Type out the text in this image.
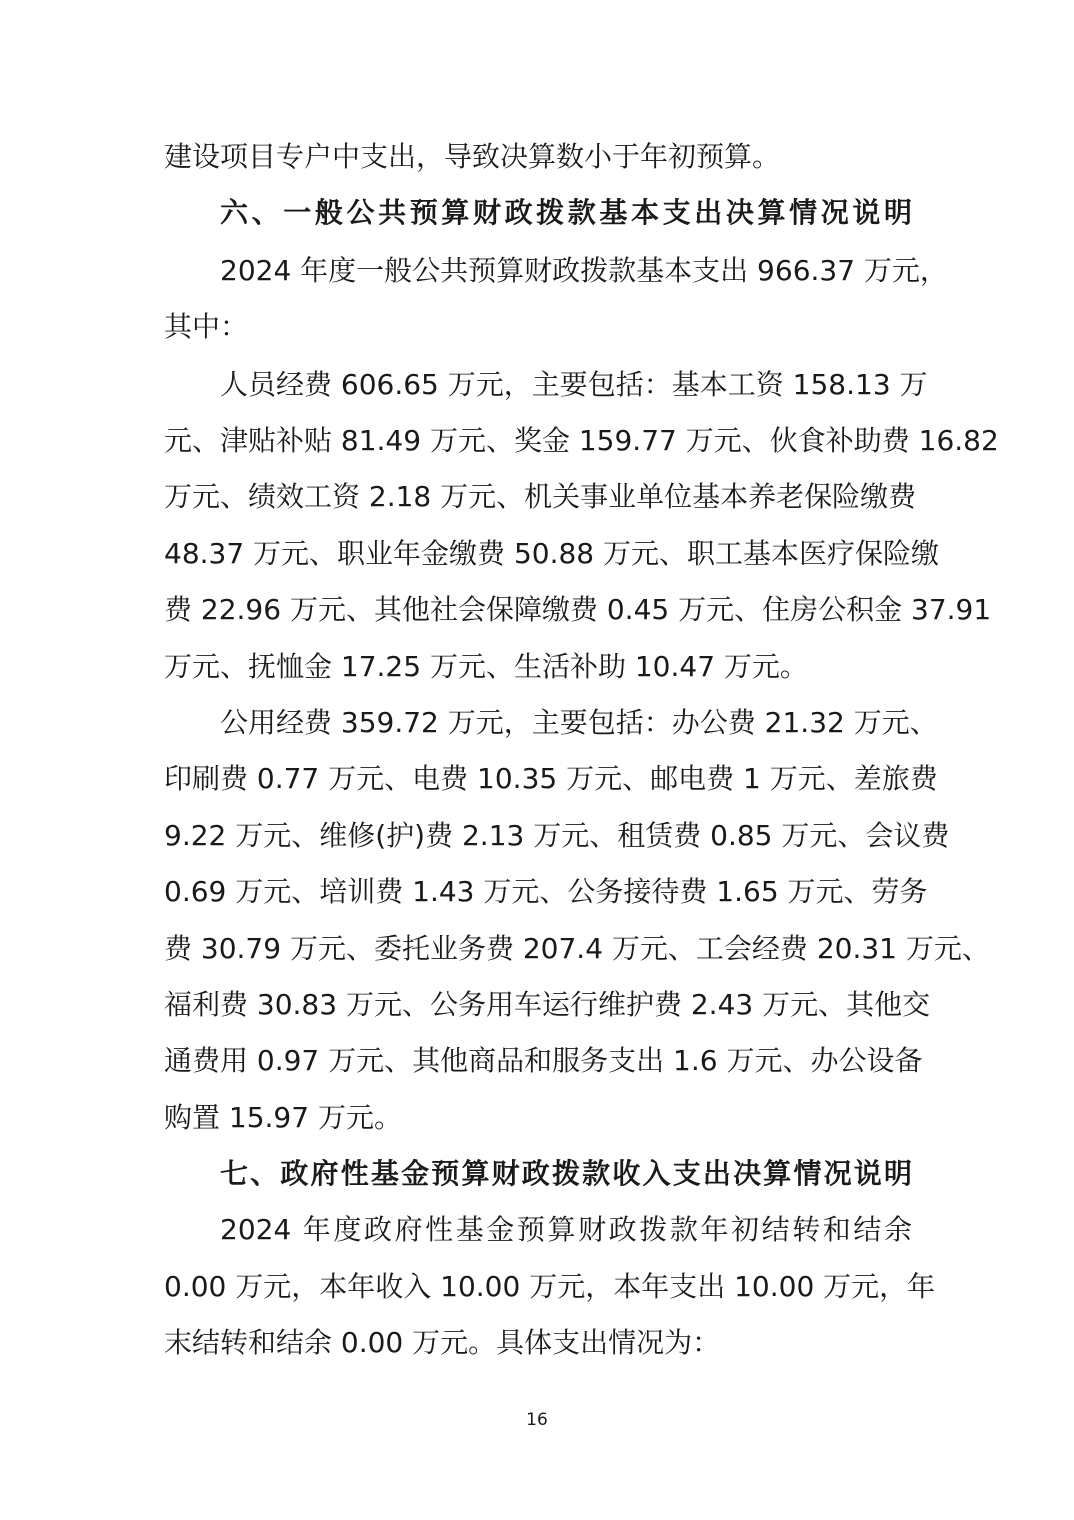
建设项目专户中支出，导致决算数小于年初预算。
六、一般公共预算财政拨款基本支出决算情况说明
2024 年度一般公共预算财政拨款基本支出 966.37 万元，
其中：
人员经费 606.65 万元，主要包括：基本工资 158.13 万
元、津贴补贴 81.49 万元、奖金 159.77 万元、伙食补助费 16.82
万元、绩效工资 2.18 万元、机关事业单位基本养老保险缴费
48.37 万元、职业年金缴费 50.88 万元、职工基本医疗保险缴
费 22.96 万元、其他社会保障缴费 0.45 万元、住房公积金 37.91
万元、抚恤金 17.25 万元、生活补助 10.47 万元。
公用经费 359.72 万元，主要包括：办公费 21.32 万元、
印刷费 0.77 万元、电费 10.35 万元、邮电费 1 万元、差旅费
9.22 万元、维修(护)费 2.13 万元、租赁费 0.85 万元、会议费
0.69 万元、培训费 1.43 万元、公务接待费 1.65 万元、劳务
费 30.79 万元、委托业务费 207.4 万元、工会经费 20.31 万元、
福利费 30.83 万元、公务用车运行维护费 2.43 万元、其他交
通费用 0.97 万元、其他商品和服务支出 1.6 万元、办公设备
购置 15.97 万元。
七、政府性基金预算财政拨款收入支出决算情况说明
2024 年度政府性基金预算财政拨款年初结转和结余
0.00 万元，本年收入 10.00 万元，本年支出 10.00 万元，年
末结转和结余 0.00 万元。具体支出情况为：
16
